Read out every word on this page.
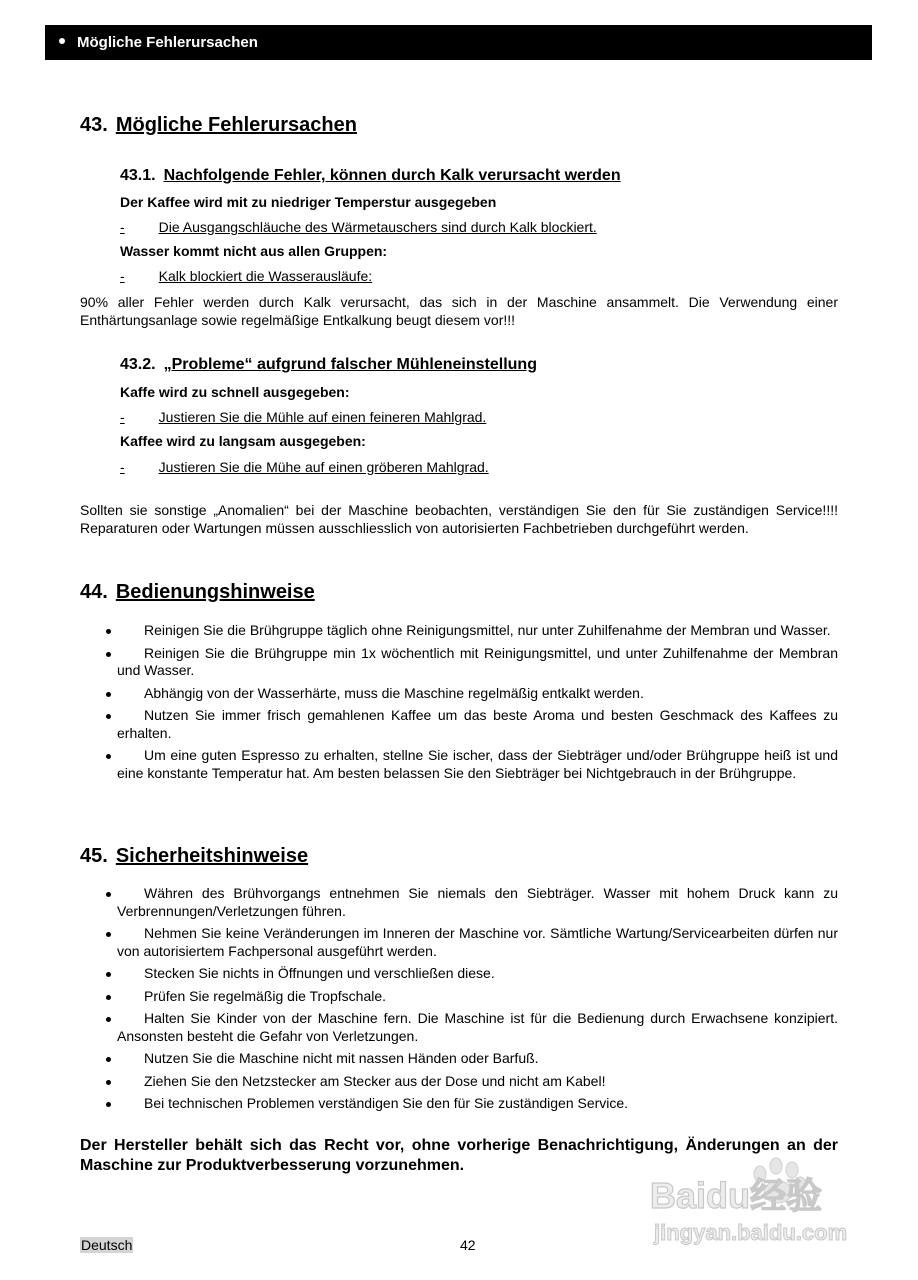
Mögliche Fehlerursachen
43. Mögliche Fehlerursachen
43.1. Nachfolgende Fehler, können durch Kalk verursacht werden
Der Kaffee wird mit zu niedriger Temperstur ausgegeben
- Die Ausgangschläuche des Wärmetauschers sind durch Kalk blockiert.
Wasser kommt nicht aus allen Gruppen:
- Kalk blockiert die Wasserausläufe:
90% aller Fehler werden durch Kalk verursacht, das sich in der Maschine ansammelt. Die Verwendung einer Enthärtungsanlage sowie regelmäßige Entkalkung beugt diesem vor!!!
43.2. „Probleme“ aufgrund falscher Mühleneinstellung
Kaffe wird zu schnell ausgegeben:
- Justieren Sie die Mühle auf einen feineren Mahlgrad.
Kaffee wird zu langsam ausgegeben:
- Justieren Sie die Mühe auf einen gröberen Mahlgrad.
Sollten sie sonstige „Anomalien“ bei der Maschine beobachten, verständigen Sie den für Sie zuständigen Service!!!! Reparaturen oder Wartungen müssen ausschliesslich von autorisierten Fachbetrieben durchgeführt werden.
44. Bedienungshinweise
Reinigen Sie die Brühgruppe täglich ohne Reinigungsmittel, nur unter Zuhilfenahme der Membran und Wasser.
Reinigen Sie die Brühgruppe min 1x wöchentlich mit Reinigungsmittel, und unter Zuhilfenahme der Membran und Wasser.
Abhängig von der Wasserhärte, muss die Maschine regelmäßig entkalkt werden.
Nutzen Sie immer frisch gemahlenen Kaffee um das beste Aroma und besten Geschmack des Kaffees zu erhalten.
Um eine guten Espresso zu erhalten, stellne Sie ischer, dass der Siebträger und/oder Brühgruppe heiß ist und eine konstante Temperatur hat. Am besten belassen Sie den Siebträger bei Nichtgebrauch in der Brühgruppe.
45. Sicherheitshinweise
Währen des Brühvorgangs entnehmen Sie niemals den Siebträger. Wasser mit hohem Druck kann zu Verbrennungen/Verletzungen führen.
Nehmen Sie keine Veränderungen im Inneren der Maschine vor. Sämtliche Wartung/Servicearbeiten dürfen nur von autorisiertem Fachpersonal ausgeführt werden.
Stecken Sie nichts in Öffnungen und verschließen diese.
Prüfen Sie regelmäßig die Tropfschale.
Halten Sie Kinder von der Maschine fern. Die Maschine ist für die Bedienung durch Erwachsene konzipiert. Ansonsten besteht die Gefahr von Verletzungen.
Nutzen Sie die Maschine nicht mit nassen Händen oder Barfuß.
Ziehen Sie den Netzstecker am Stecker aus der Dose und nicht am Kabel!
Bei technischen Problemen verständigen Sie den für Sie zuständigen Service.
Der Hersteller behält sich das Recht vor, ohne vorherige Benachrichtigung, Änderungen an der Maschine zur Produktverbesserung vorzunehmen.
Baidu经验
jingyan.baidu.com
Deutsch	42
